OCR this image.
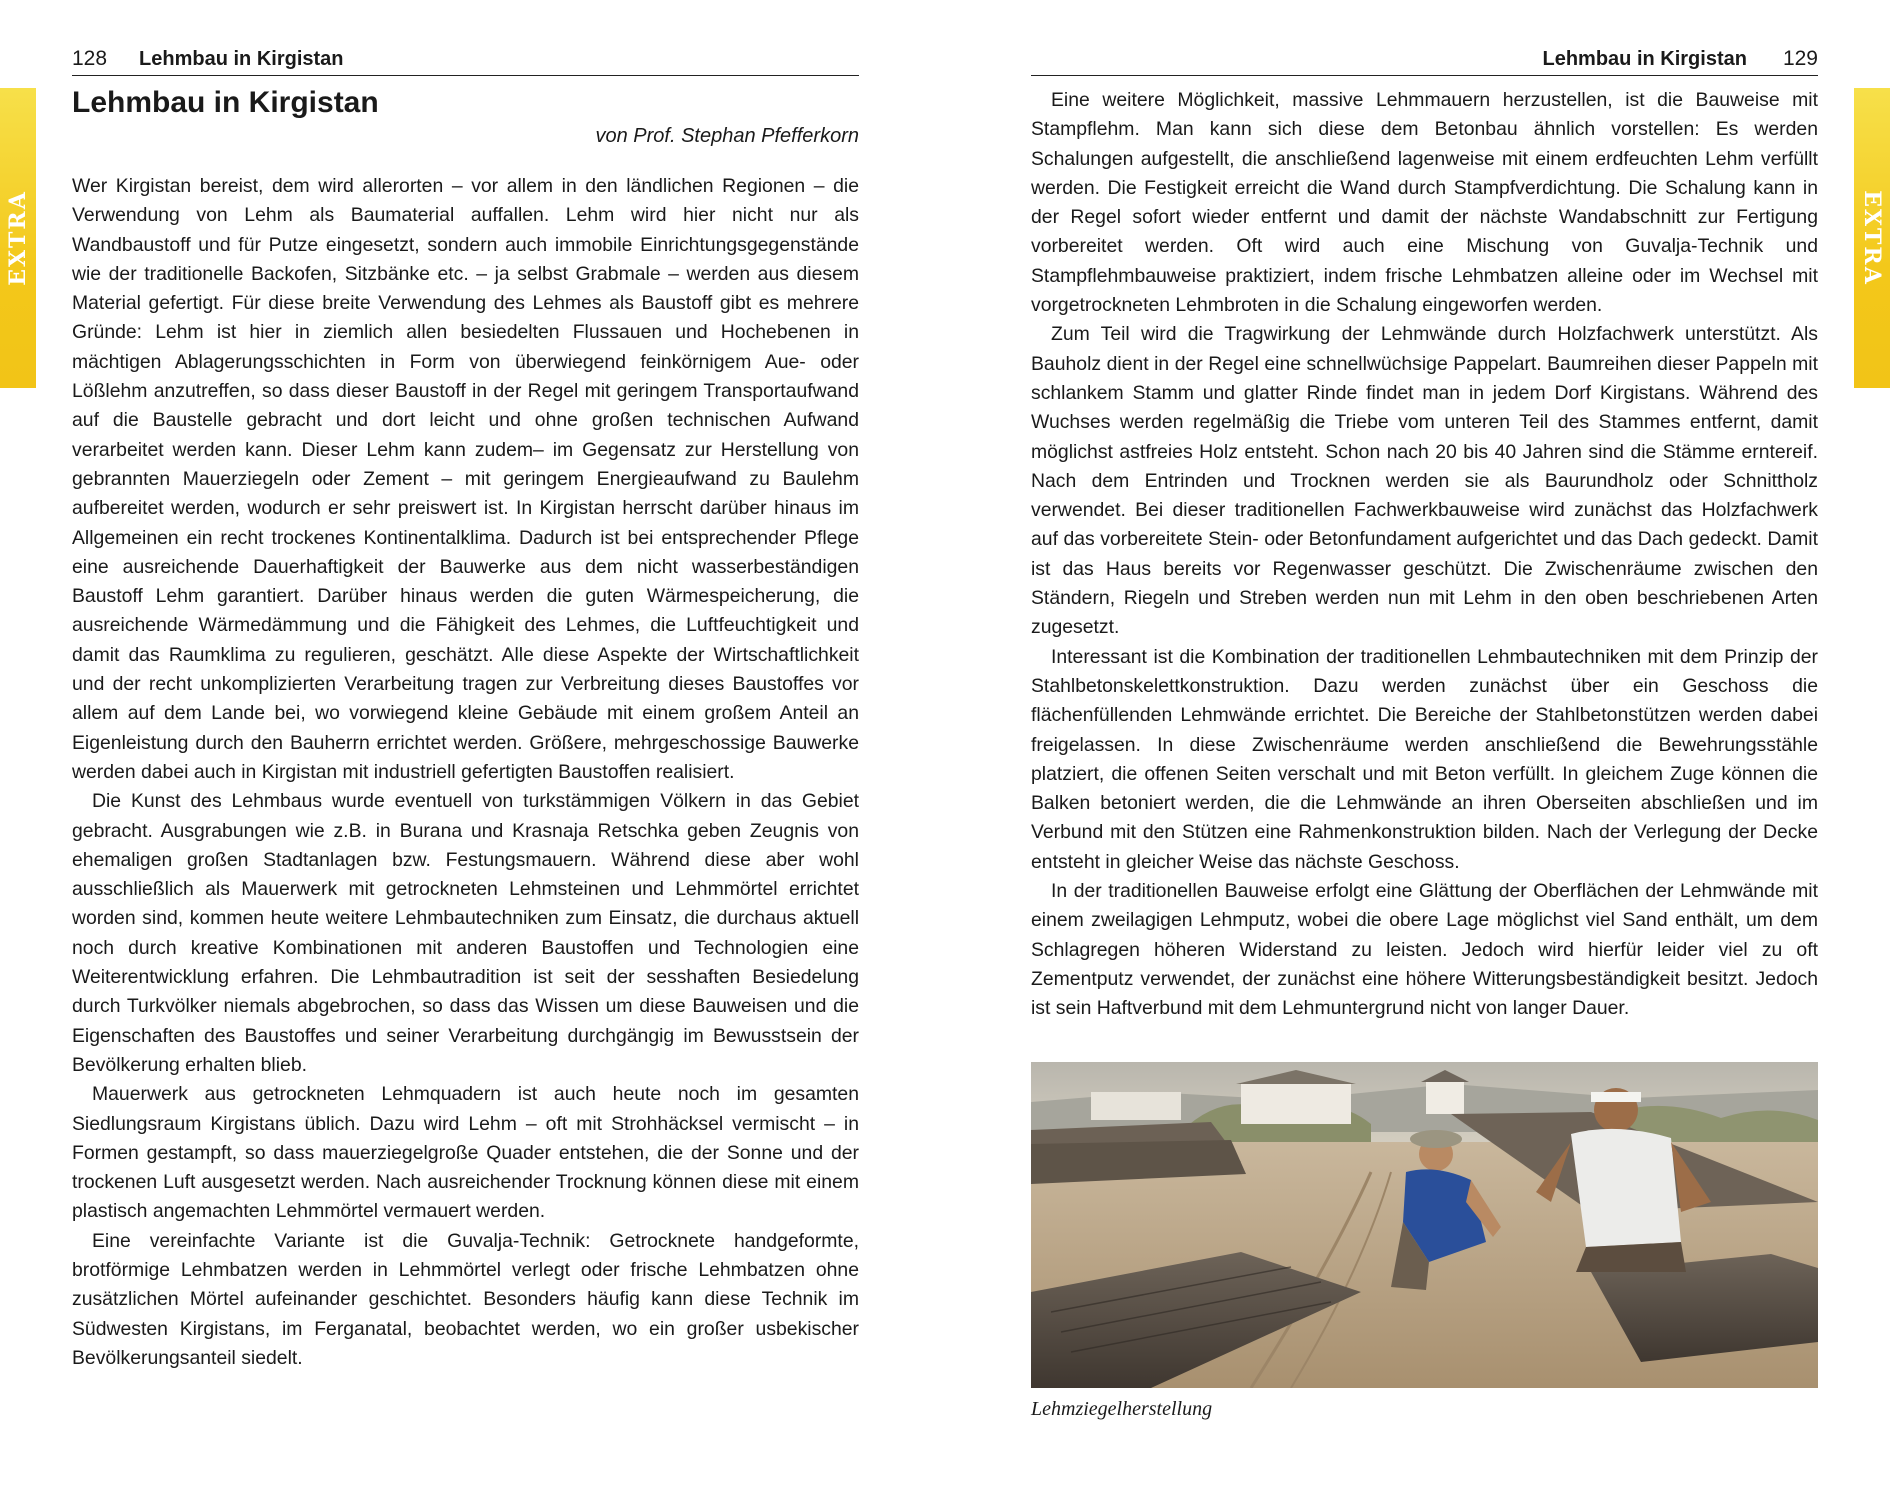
128 Lehmbau in Kirgistan
EXTRA
Lehmbau in Kirgistan
von Prof. Stephan Pfefferkorn

Wer Kirgistan bereist, dem wird allerorten – vor allem in den ländlichen Regionen – die Verwendung von Lehm als Baumaterial auffallen. Lehm wird hier nicht nur als Wandbaustoff und für Putze eingesetzt, sondern auch immobile Einrichtungsgegenstände wie der traditionelle Backofen, Sitzbänke etc. – ja selbst Grabmale – werden aus diesem Material gefertigt. Für diese breite Verwendung des Lehmes als Baustoff gibt es mehrere Gründe: Lehm ist hier in ziemlich allen besiedelten Flussauen und Hochebenen in mächtigen Ablagerungsschichten in Form von überwiegend feinkörnigem Aue- oder Lößlehm anzutreffen, so dass dieser Baustoff in der Regel mit geringem Transportaufwand auf die Baustelle gebracht und dort leicht und ohne großen technischen Aufwand verarbeitet werden kann. Dieser Lehm kann zudem– im Gegensatz zur Herstellung von gebrannten Mauerziegeln oder Zement – mit geringem Energieaufwand zu Baulehm aufbereitet werden, wodurch er sehr preiswert ist. In Kirgistan herrscht darüber hinaus im Allgemeinen ein recht trockenes Kontinentalklima. Dadurch ist bei entsprechender Pflege eine ausreichende Dauerhaftigkeit der Bauwerke aus dem nicht wasserbeständigen Baustoff Lehm garantiert. Darüber hinaus werden die guten Wärmespeicherung, die ausreichende Wärmedämmung und die Fähigkeit des Lehmes, die Luftfeuchtigkeit und damit das Raumklima zu regulieren, geschätzt. Alle diese Aspekte der Wirtschaftlichkeit und der recht unkomplizierten Verarbeitung tragen zur Verbreitung dieses Baustoffes vor allem auf dem Lande bei, wo vorwiegend kleine Gebäude mit einem großem Anteil an Eigenleistung durch den Bauherrn errichtet werden. Größere, mehrgeschossige Bauwerke werden dabei auch in Kirgistan mit industriell gefertigten Baustoffen realisiert.

Die Kunst des Lehmbaus wurde eventuell von turkstämmigen Völkern in das Gebiet gebracht. Ausgrabungen wie z.B. in Burana und Krasnaja Retschka geben Zeugnis von ehemaligen großen Stadtanlagen bzw. Festungsmauern. Während diese aber wohl ausschließlich als Mauerwerk mit getrockneten Lehmsteinen und Lehmmörtel errichtet worden sind, kommen heute weitere Lehmbautechniken zum Einsatz, die durchaus aktuell noch durch kreative Kombinationen mit anderen Baustoffen und Technologien eine Weiterentwicklung erfahren. Die Lehmbautradition ist seit der sesshaften Besiedelung durch Turkvölker niemals abgebrochen, so dass das Wissen um diese Bauweisen und die Eigenschaften des Baustoffes und seiner Verarbeitung durchgängig im Bewusstsein der Bevölkerung erhalten blieb.

Mauerwerk aus getrockneten Lehmquadern ist auch heute noch im gesamten Siedlungsraum Kirgistans üblich. Dazu wird Lehm – oft mit Strohhäcksel vermischt – in Formen gestampft, so dass mauerziegelgroße Quader entstehen, die der Sonne und der trockenen Luft ausgesetzt werden. Nach ausreichender Trocknung können diese mit einem plastisch angemachten Lehmmörtel vermauert werden.

Eine vereinfachte Variante ist die Guvalja-Technik: Getrocknete handgeformte, brotförmige Lehmbatzen werden in Lehmmörtel verlegt oder frische Lehmbatzen ohne zusätzlichen Mörtel aufeinander geschichtet. Besonders häufig kann diese Technik im Südwesten Kirgistans, im Ferganatal, beobachtet werden, wo ein großer usbekischer Bevölkerungsanteil siedelt.

Lehmbau in Kirgistan 129
EXTRA

Eine weitere Möglichkeit, massive Lehmmauern herzustellen, ist die Bauweise mit Stampflehm. Man kann sich diese dem Betonbau ähnlich vorstellen: Es werden Schalungen aufgestellt, die anschließend lagenweise mit einem erdfeuchten Lehm verfüllt werden. Die Festigkeit erreicht die Wand durch Stampfverdichtung. Die Schalung kann in der Regel sofort wieder entfernt und damit der nächste Wandabschnitt zur Fertigung vorbereitet werden. Oft wird auch eine Mischung von Guvalja-Technik und Stampflehmbauweise praktiziert, indem frische Lehmbatzen alleine oder im Wechsel mit vorgetrockneten Lehmbroten in die Schalung eingeworfen werden.

Zum Teil wird die Tragwirkung der Lehmwände durch Holzfachwerk unterstützt. Als Bauholz dient in der Regel eine schnellwüchsige Pappelart. Baumreihen dieser Pappeln mit schlankem Stamm und glatter Rinde findet man in jedem Dorf Kirgistans. Während des Wuchses werden regelmäßig die Triebe vom unteren Teil des Stammes entfernt, damit möglichst astfreies Holz entsteht. Schon nach 20 bis 40 Jahren sind die Stämme erntereif. Nach dem Entrinden und Trocknen werden sie als Baurundholz oder Schnittholz verwendet. Bei dieser traditionellen Fachwerkbauweise wird zunächst das Holzfachwerk auf das vorbereitete Stein- oder Betonfundament aufgerichtet und das Dach gedeckt. Damit ist das Haus bereits vor Regenwasser geschützt. Die Zwischenräume zwischen den Ständern, Riegeln und Streben werden nun mit Lehm in den oben beschriebenen Arten zugesetzt.

Interessant ist die Kombination der traditionellen Lehmbautechniken mit dem Prinzip der Stahlbetonskelettkonstruktion. Dazu werden zunächst über ein Geschoss die flächenfüllenden Lehmwände errichtet. Die Bereiche der Stahlbetonstützen werden dabei freigelassen. In diese Zwischenräume werden anschließend die Bewehrungsstähle platziert, die offenen Seiten verschalt und mit Beton verfüllt. In gleichem Zuge können die Balken betoniert werden, die die Lehmwände an ihren Oberseiten abschließen und im Verbund mit den Stützen eine Rahmenkonstruktion bilden. Nach der Verlegung der Decke entsteht in gleicher Weise das nächste Geschoss.

In der traditionellen Bauweise erfolgt eine Glättung der Oberflächen der Lehmwände mit einem zweilagigen Lehmputz, wobei die obere Lage möglichst viel Sand enthält, um dem Schlagregen höheren Widerstand zu leisten. Jedoch wird hierfür leider viel zu oft Zementputz verwendet, der zunächst eine höhere Witterungsbeständigkeit besitzt. Jedoch ist sein Haftverbund mit dem Lehmuntergrund nicht von langer Dauer.

Lehmziegelherstellung
